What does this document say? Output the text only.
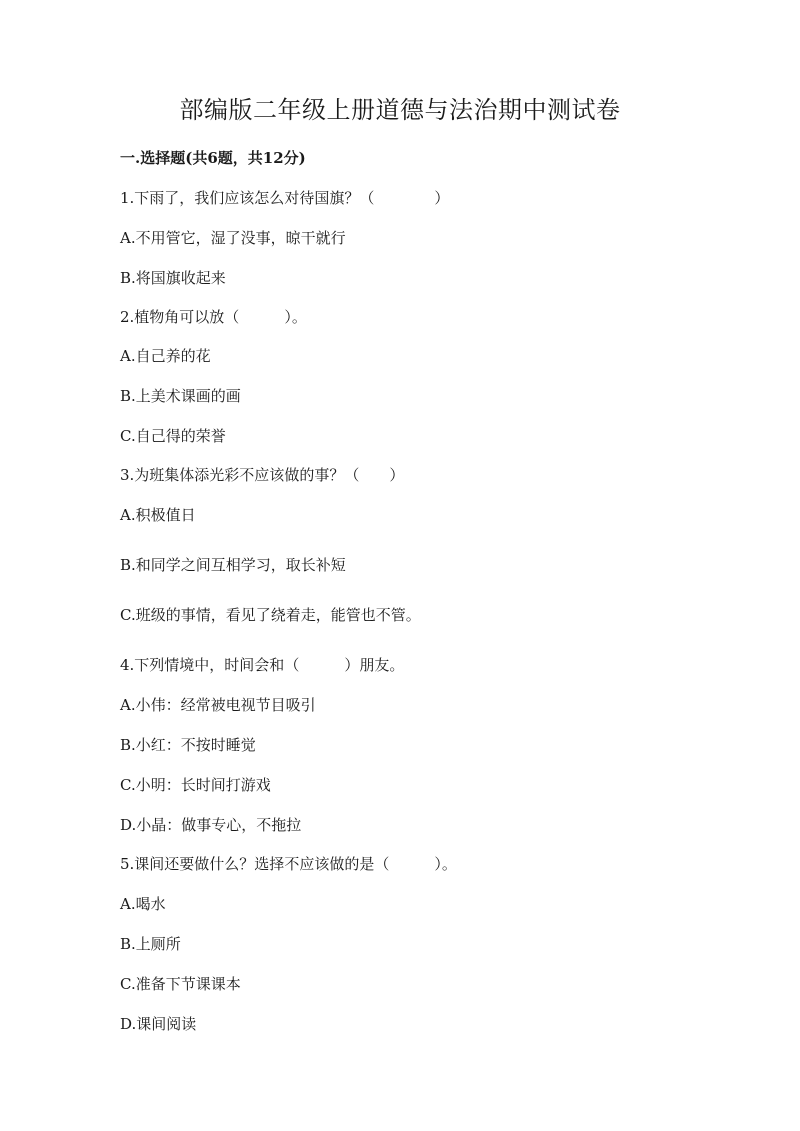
部编版二年级上册道德与法治期中测试卷
一.选择题(共6题，共12分)
1.下雨了，我们应该怎么对待国旗？（　　　　）
A.不用管它，湿了没事，晾干就行
B.将国旗收起来
2.植物角可以放（　　　）。
A.自己养的花
B.上美术课画的画
C.自己得的荣誉
3.为班集体添光彩不应该做的事？（　　）
A.积极值日
B.和同学之间互相学习，取长补短
C.班级的事情，看见了绕着走，能管也不管。
4.下列情境中，时间会和（　　　）朋友。
A.小伟：经常被电视节目吸引
B.小红：不按时睡觉
C.小明：长时间打游戏
D.小晶：做事专心，不拖拉
5.课间还要做什么？选择不应该做的是（　　　）。
A.喝水
B.上厕所
C.准备下节课课本
D.课间阅读
